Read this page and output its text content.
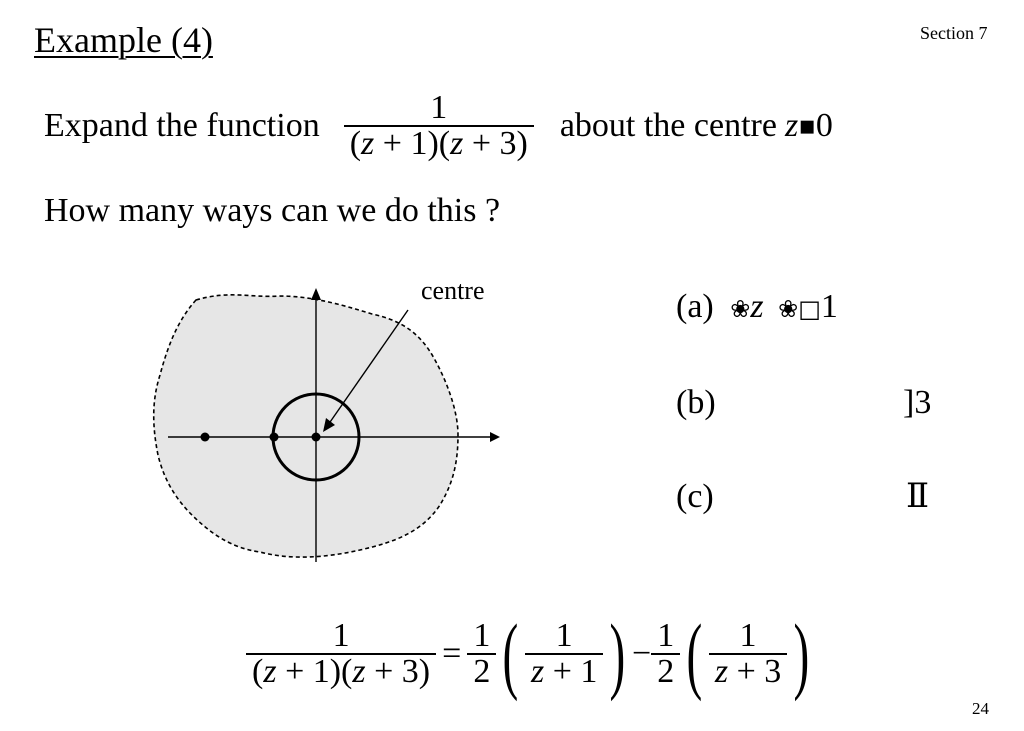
Example (4)	Section 7
Expand the function $\frac{1}{(z + 1)(z + 3)}$ about the centre z ▪ 0
How many ways can we do this ?
centre	(a) ❀z ❀□1
(b)	]3
(c)	Ⅱ
$\frac{1}{(z + 1)(z + 3)} = \frac{1}{2}$ ( $\frac{1}{z + 1}$ ) − $\frac{1}{2}$ ( $\frac{1}{z + 3}$ )
24
